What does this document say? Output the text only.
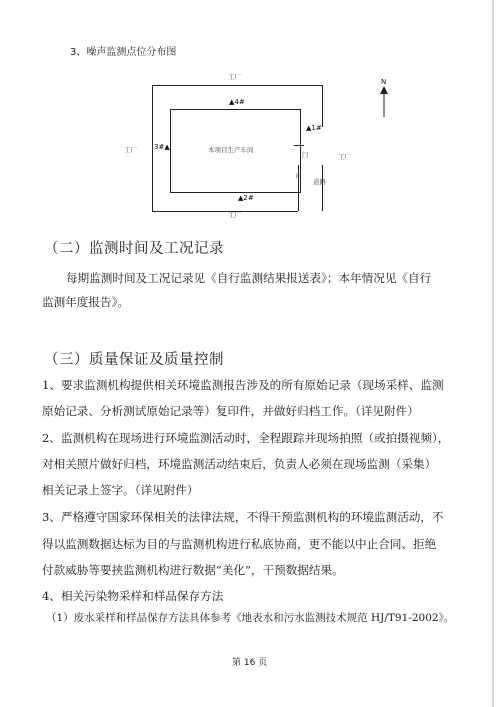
3、噪声监测点位分布图
本项目生产车间
门
II'
道路
工厂
工厂
工厂
工厂
▲4#
▲1#
3#▲
▲2#
N
（二）监测时间及工况记录
每期监测时间及工况记录见《自行监测结果报送表》；本年情况见《自行
监测年度报告》。
（三）质量保证及质量控制
1、要求监测机构提供相关环境监测报告涉及的所有原始记录（现场采样、监测
原始记录、分析测试原始记录等）复印件，并做好归档工作。（详见附件）
2、监测机构在现场进行环境监测活动时，全程跟踪并现场拍照（或拍摄视频），
对相关照片做好归档，环境监测活动结束后，负责人必须在现场监测（采集）
相关记录上签字。（详见附件）
3、严格遵守国家环保相关的法律法规，不得干预监测机构的环境监测活动，不
得以监测数据达标为目的与监测机构进行私底协商，更不能以中止合同、拒绝
付款威胁等要挟监测机构进行数据“美化”，干预数据结果。
4、相关污染物采样和样品保存方法
（1）废水采样和样品保存方法具体参考《地表水和污水监测技术规范 HJ/T91-2002》。
第 16 页
